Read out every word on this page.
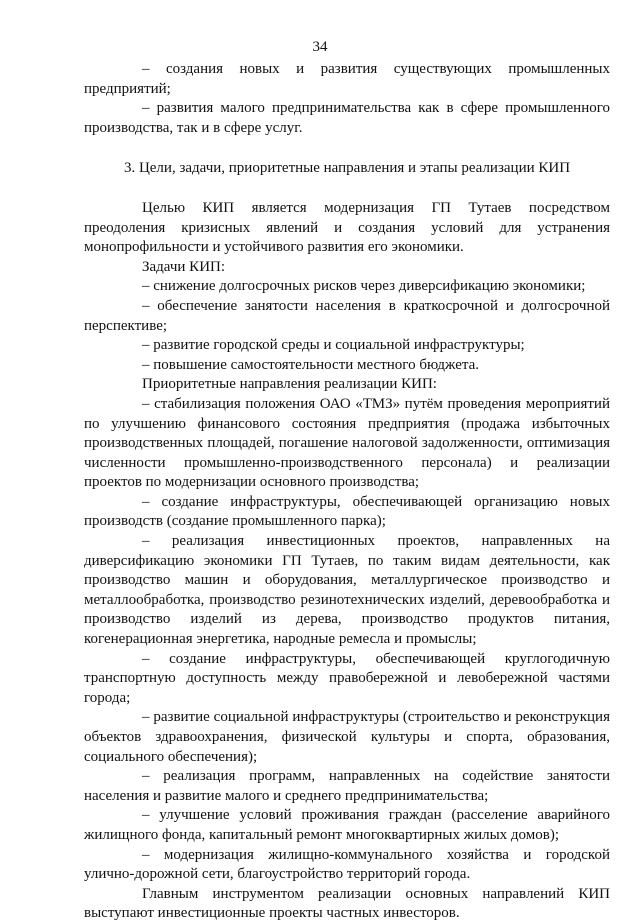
34

– создания новых и развития существующих промышленных предприятий;

– развития малого предпринимательства как в сфере промышленного производства, так и в сфере услуг.

3. Цели, задачи, приоритетные направления и этапы реализации КИП

Целью КИП является модернизация ГП Тутаев посредством преодоления кризисных явлений и создания условий для устранения монопрофильности и устойчивого развития его экономики.

Задачи КИП:

– снижение долгосрочных рисков через диверсификацию экономики;

– обеспечение занятости населения в краткосрочной и долгосрочной перспективе;

– развитие городской среды и социальной инфраструктуры;

– повышение самостоятельности местного бюджета.

Приоритетные направления реализации КИП:

– стабилизация положения ОАО «ТМЗ» путём проведения мероприятий по улучшению финансового состояния предприятия (продажа избыточных производственных площадей, погашение налоговой задолженности, оптимизация численности промышленно-производственного персонала) и реализации проектов по модернизации основного производства;

– создание инфраструктуры, обеспечивающей организацию новых производств (создание промышленного парка);

– реализация инвестиционных проектов, направленных на диверсификацию экономики ГП Тутаев, по таким видам деятельности, как производство машин и оборудования, металлургическое производство и металлообработка, производство резинотехнических изделий, деревообработка и производство изделий из дерева, производство продуктов питания, когенерационная энергетика, народные ремесла и промыслы;

– создание инфраструктуры, обеспечивающей круглогодичную транспортную доступность между правобережной и левобережной частями города;

– развитие социальной инфраструктуры (строительство и реконструкция объектов здравоохранения, физической культуры и спорта, образования, социального обеспечения);

– реализация программ, направленных на содействие занятости населения и развитие малого и среднего предпринимательства;

– улучшение условий проживания граждан (расселение аварийного жилищного фонда, капитальный ремонт многоквартирных жилых домов);

– модернизация жилищно-коммунального хозяйства и городской улично-дорожной сети, благоустройство территорий города.

Главным инструментом реализации основных направлений КИП выступают инвестиционные проекты частных инвесторов.
